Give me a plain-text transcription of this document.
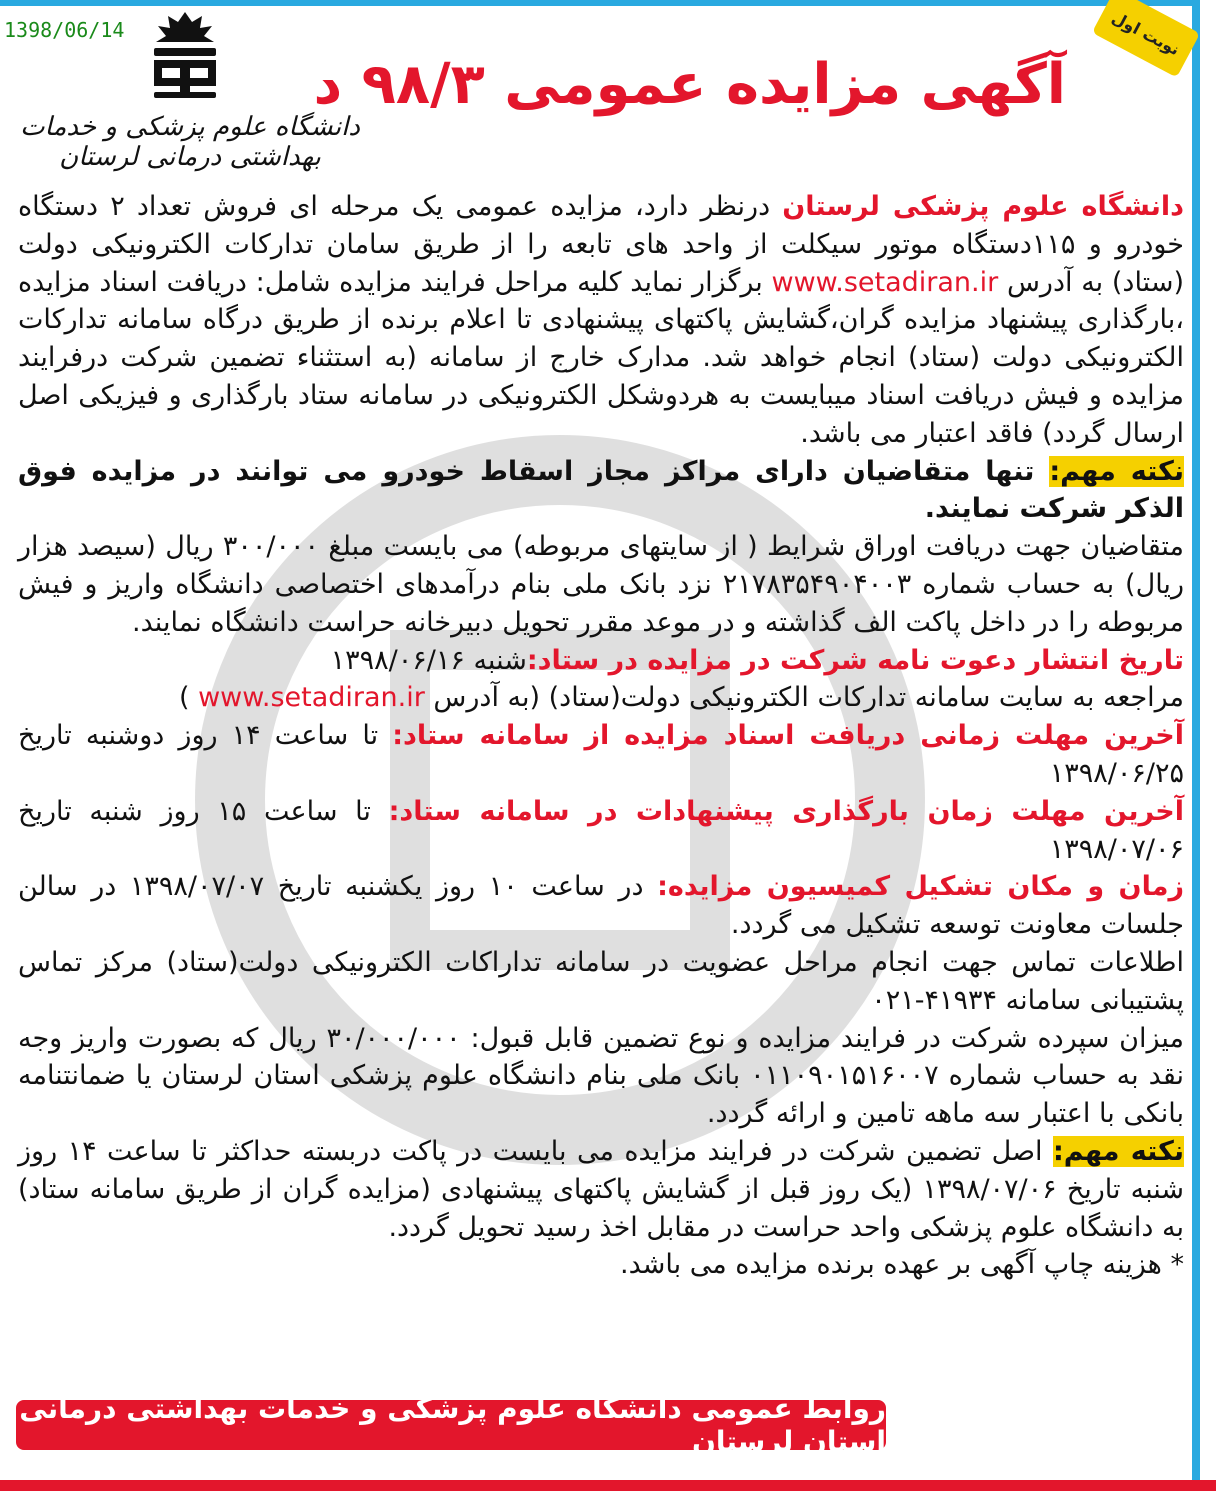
1398/06/14
دانشگاه علوم پزشکی و خدمات بهداشتی درمانی لرستان
نوبت اول
آگهی مزایده عمومی ۹۸/۳ د

دانشگاه علوم پزشکی لرستان درنظر دارد، مزایده عمومی یک مرحله ای فروش تعداد ۲ دستگاه خودرو و ۱۱۵دستگاه موتور سیکلت از واحد های تابعه را از طریق سامان تدارکات الکترونیکی دولت (ستاد) به آدرس www.setadiran.ir برگزار نماید کلیه مراحل فرایند مزایده شامل: دریافت اسناد مزایده ،بارگذاری پیشنهاد مزایده گران،گشایش پاکتهای پیشنهادی تا اعلام برنده از طریق درگاه سامانه تدارکات الکترونیکی دولت (ستاد) انجام خواهد شد. مدارک خارج از سامانه (به استثناء تضمین شرکت درفرایند مزایده و فیش دریافت اسناد میبایست به هردوشکل الکترونیکی در سامانه ستاد بارگذاری و فیزیکی اصل ارسال گردد) فاقد اعتبار می باشد.

نکته مهم: تنها متقاضیان دارای مراکز مجاز اسقاط خودرو می توانند در مزایده فوق الذکر شرکت نمایند.

متقاضیان جهت دریافت اوراق شرایط ( از سایتهای مربوطه) می بایست مبلغ ۳۰۰/۰۰۰ ریال (سیصد هزار ریال) به حساب شماره ۲۱۷۸۳۵۴۹۰۴۰۰۳ نزد بانک ملی بنام درآمدهای اختصاصی دانشگاه واریز و فیش مربوطه را در داخل پاکت الف گذاشته و در موعد مقرر تحویل دبیرخانه حراست دانشگاه نمایند.

تاریخ انتشار دعوت نامه شرکت در مزایده در ستاد:شنبه ۱۳۹۸/۰۶/۱۶

مراجعه به سایت سامانه تدارکات الکترونیکی دولت(ستاد) (به آدرس www.setadiran.ir )

آخرین مهلت زمانی دریافت اسناد مزایده از سامانه ستاد: تا ساعت ۱۴ روز دوشنبه تاریخ ۱۳۹۸/۰۶/۲۵

آخرین مهلت زمان بارگذاری پیشنهادات در سامانه ستاد: تا ساعت ۱۵ روز شنبه تاریخ ۱۳۹۸/۰۷/۰۶

زمان و مکان تشکیل کمیسیون مزایده: در ساعت ۱۰ روز یکشنبه تاریخ ۱۳۹۸/۰۷/۰۷ در سالن جلسات معاونت توسعه تشکیل می گردد.

اطلاعات تماس جهت انجام مراحل عضویت در سامانه تداراکات الکترونیکی دولت(ستاد) مرکز تماس پشتیبانی سامانه ۴۱۹۳۴-۰۲۱

میزان سپرده شرکت در فرایند مزایده و نوع تضمین قابل قبول: ۳۰/۰۰۰/۰۰۰ ریال که بصورت واریز وجه نقد به حساب شماره ۰۱۱۰۹۰۱۵۱۶۰۰۷ بانک ملی بنام دانشگاه علوم پزشکی استان لرستان یا ضمانتنامه بانکی با اعتبار سه ماهه تامین و ارائه گردد.

نکته مهم: اصل تضمین شرکت در فرایند مزایده می بایست در پاکت دربسته حداکثر تا ساعت ۱۴ روز شنبه تاریخ ۱۳۹۸/۰۷/۰۶ (یک روز قبل از گشایش پاکتهای پیشنهادی (مزایده گران از طریق سامانه ستاد) به دانشگاه علوم پزشکی واحد حراست در مقابل اخذ رسید تحویل گردد.

* هزینه چاپ آگهی بر عهده برنده مزایده می باشد.

روابط عمومی دانشگاه علوم پزشکی و خدمات بهداشتی درمانی استان لرستان
